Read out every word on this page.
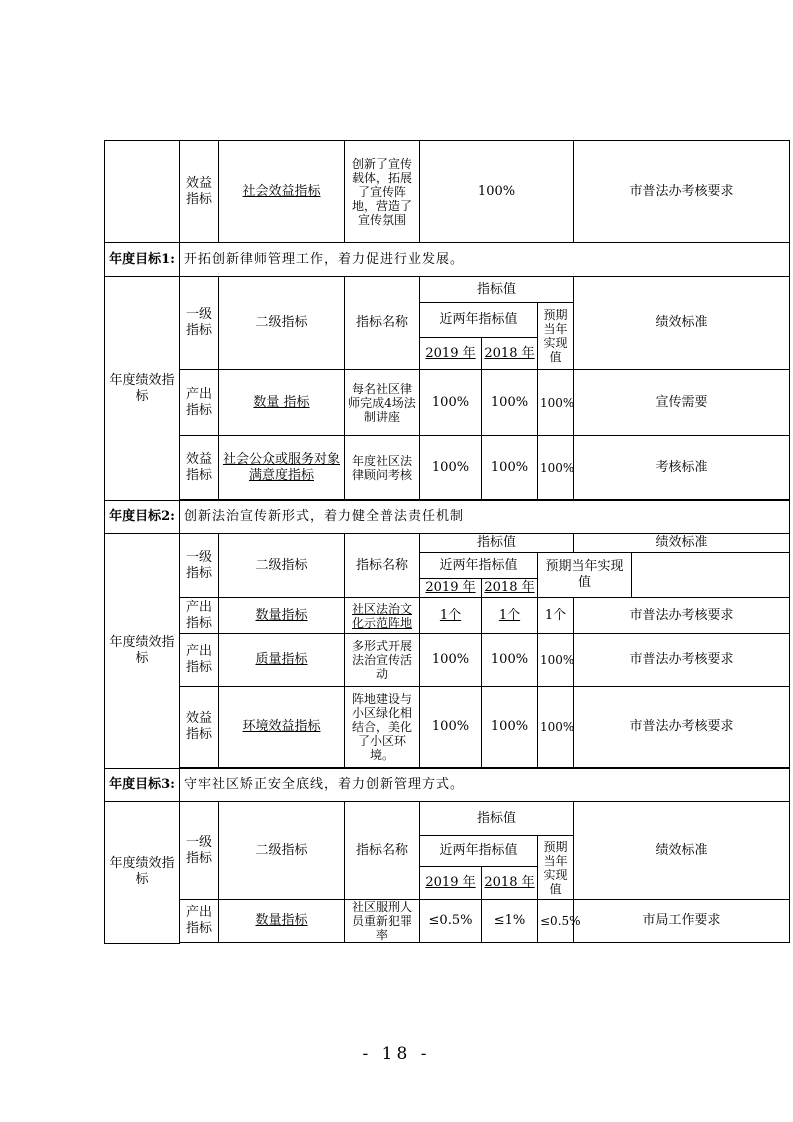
	效益指标	社会效益指标	创新了宣传载体，拓展了宣传阵地，营造了宣传氛围	100%			市普法办考核要求	
年度目标1:	开拓创新律师管理工作，着力促进行业发展。							
年度绩效指标	一级指标	二级指标	指标名称	指标值			绩效标准	
				近两年指标值		预期当年实现值		
				2019 年	2018 年			
	产出指标	数量 指标	每名社区律师完成4场法制讲座	100%	100%	100%	宣传需要	
	效益指标	社会公众或服务对象满意度指标	年度社区法律顾问考核	100%	100%	100%	考核标准	

年度目标2:	创新法治宣传新形式，着力健全普法责任机制							
年度绩效指标	一级指标	二级指标	指标名称	指标值			绩效标准	
				近两年指标值		预期当年实现值		
				2019 年	2018 年			
	产出指标	数量指标	社区法治文化示范阵地	1个	1个	1个	市普法办考核要求	
	产出指标	质量指标	多形式开展法治宣传活动	100%	100%	100%	市普法办考核要求	
	效益指标	环境效益指标	阵地建设与小区绿化相结合，美化了小区环境。	100%	100%	100%	市普法办考核要求	

年度目标3:	守牢社区矫正安全底线，着力创新管理方式。							
年度绩效指标	一级指标	二级指标	指标名称	指标值			绩效标准	
				近两年指标值		预期当年实现值		
				2019 年	2018 年			
	产出指标	数量指标	社区服刑人员重新犯罪率	≤0.5%	≤1%	≤0.5%	市局工作要求	

- 18 -
